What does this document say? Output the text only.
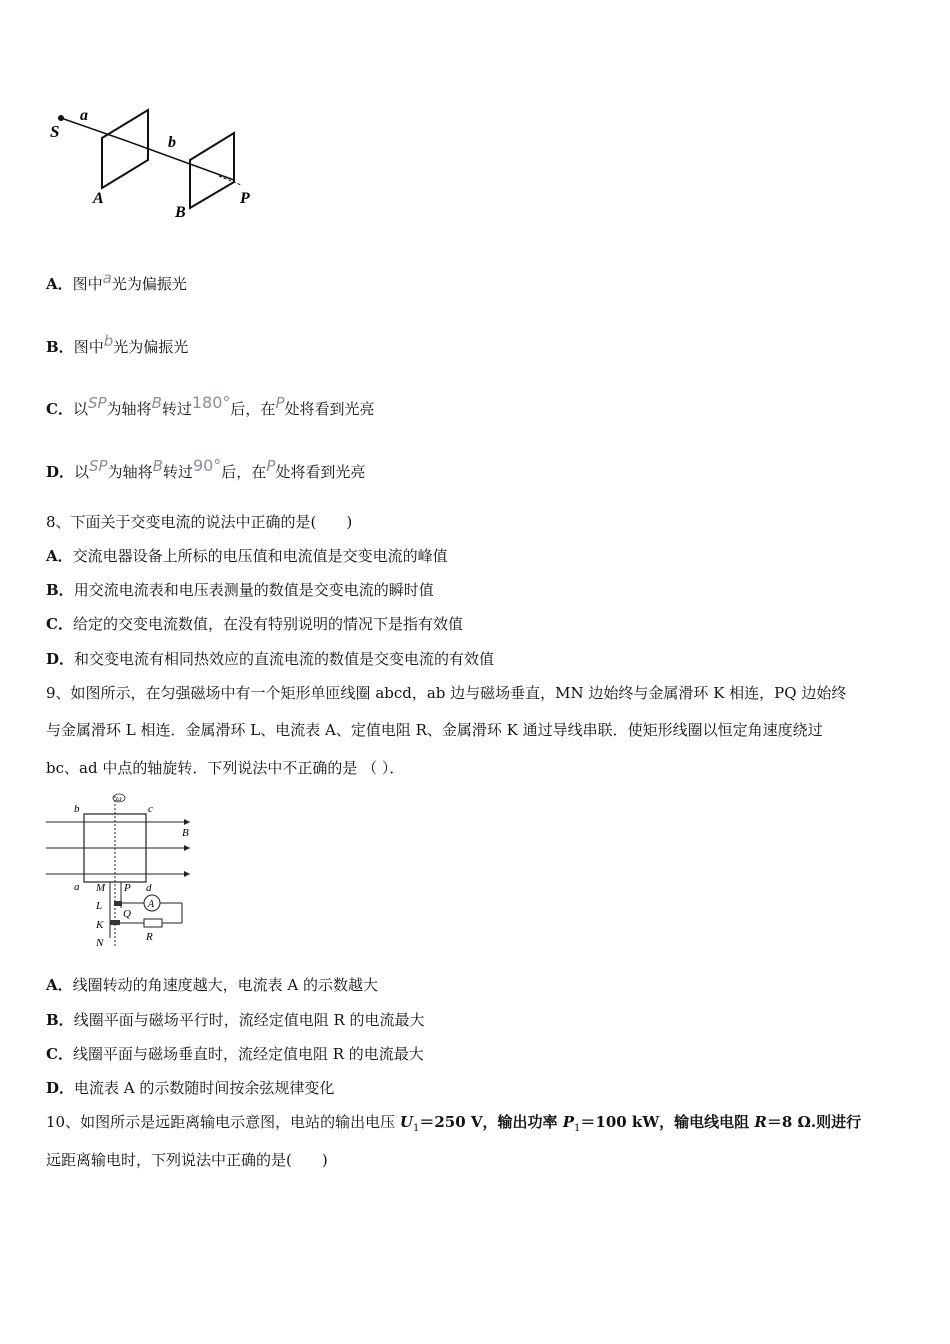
S
a
b
A
B
P
A．图中a光为偏振光
B．图中b光为偏振光
C．以SP为轴将B转过180°后，在P处将看到光亮
D．以SP为轴将B转过90°后，在P处将看到光亮
8、下面关于交变电流的说法中正确的是(　　)
A．交流电器设备上所标的电压值和电流值是交变电流的峰值
B．用交流电流表和电压表测量的数值是交变电流的瞬时值
C．给定的交变电流数值，在没有特别说明的情况下是指有效值
D．和交变电流有相同热效应的直流电流的数值是交变电流的有效值
9、如图所示，在匀强磁场中有一个矩形单匝线圈 abcd，ab 边与磁场垂直，MN 边始终与金属滑环 K 相连，PQ 边始终
与金属滑环 L 相连．金属滑环 L、电流表 A、定值电阻 R、金属滑环 K 通过导线串联．使矩形线圈以恒定角速度绕过
bc、ad 中点的轴旋转．下列说法中不正确的是 （ ）．
ω
b	c
B
a M P d
L
Q
A
K
R
N
A．线圈转动的角速度越大，电流表 A 的示数越大
B．线圈平面与磁场平行时，流经定值电阻 R 的电流最大
C．线圈平面与磁场垂直时，流经定值电阻 R 的电流最大
D．电流表 A 的示数随时间按余弦规律变化
10、如图所示是远距离输电示意图，电站的输出电压 $U_1=250$ V，输出功率 $P_1=100$ kW，输电线电阻 R＝8 Ω.则进行
远距离输电时，下列说法中正确的是(　　)
